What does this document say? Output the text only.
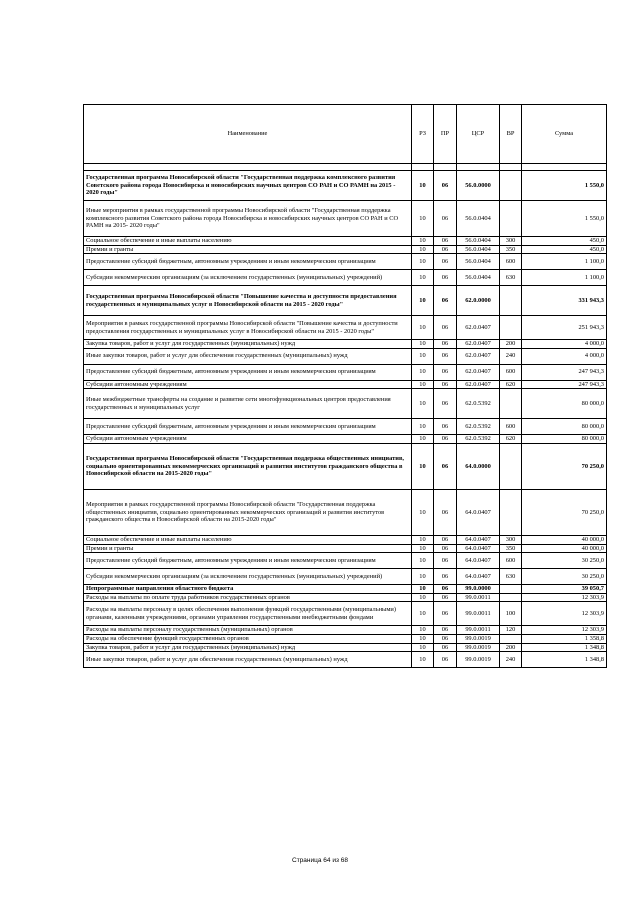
Наименование	РЗ	ПР	ЦСР	ВР	Сумма

Государственная программа Новосибирской области "Государственная поддержка комплексного развития Советского района города Новосибирска и новосибирских научных центров СО РАН и СО РАМН на 2015 - 2020 годы"	10	06	56.0.0000		1 550,0
Иные мероприятия в рамках государственной программы Новосибирской области "Государственная поддержка комплексного развития Советского района города Новосибирска и новосибирских научных центров СО РАН и СО РАМН на 2015- 2020 годы"	10	06	56.0.0404		1 550,0
Социальное обеспечение и иные выплаты населению	10	06	56.0.0404	300	450,0
Премии и гранты	10	06	56.0.0404	350	450,0
Предоставление субсидий бюджетным, автономным учреждениям и иным некоммерческим организациям	10	06	56.0.0404	600	1 100,0
Субсидии некоммерческим организациям (за исключением государственных (муниципальных) учреждений)	10	06	56.0.0404	630	1 100,0
Государственная программа Новосибирской области "Повышение качества и доступности предоставления государственных и муниципальных услуг в Новосибирской области на 2015 - 2020 годы"	10	06	62.0.0000		331 943,3
Мероприятия в рамках государственной программы Новосибирской области "Повышение качества и доступности предоставления государственных и муниципальных услуг в Новосибирской области на 2015 - 2020 годы"	10	06	62.0.0407		251 943,3
Закупка товаров, работ и услуг для государственных (муниципальных) нужд	10	06	62.0.0407	200	4 000,0
Иные закупки товаров, работ и услуг для обеспечения государственных (муниципальных) нужд	10	06	62.0.0407	240	4 000,0
Предоставление субсидий бюджетным, автономным учреждениям и иным некоммерческим организациям	10	06	62.0.0407	600	247 943,3
Субсидии автономным учреждениям	10	06	62.0.0407	620	247 943,3
Иные межбюджетные трансферты на создание и развитие сети многофункциональных центров предоставления государственных и муниципальных услуг	10	06	62.0.5392		80 000,0
Предоставление субсидий бюджетным, автономным учреждениям и иным некоммерческим организациям	10	06	62.0.5392	600	80 000,0
Субсидии автономным учреждениям	10	06	62.0.5392	620	80 000,0
Государственная программа Новосибирской области "Государственная поддержка общественных инициатив, социально ориентированных некоммерческих организаций и развития институтов гражданского общества в Новосибирской области на 2015-2020 годы"	10	06	64.0.0000		70 250,0
Мероприятия в рамках государственной программы Новосибирской области "Государственная поддержка общественных инициатив, социально ориентированных некоммерческих организаций и развития институтов гражданского общества в Новосибирской области на 2015-2020 годы"	10	06	64.0.0407		70 250,0
Социальное обеспечение и иные выплаты населению	10	06	64.0.0407	300	40 000,0
Премии и гранты	10	06	64.0.0407	350	40 000,0
Предоставление субсидий бюджетным, автономным учреждениям и иным некоммерческим организациям	10	06	64.0.0407	600	30 250,0
Субсидии некоммерческим организациям (за исключением государственных (муниципальных) учреждений)	10	06	64.0.0407	630	30 250,0
Непрограммные направления областного бюджета	10	06	99.0.0000		39 050,7
Расходы на выплаты по оплате труда работников государственных органов	10	06	99.0.0011		12 303,9
Расходы на выплаты персоналу в целях обеспечения выполнения функций государственными (муниципальными) органами, казенными учреждениями, органами управления государственными внебюджетными фондами	10	06	99.0.0011	100	12 303,9
Расходы на выплаты персоналу государственных (муниципальных) органов	10	06	99.0.0011	120	12 303,9
Расходы на обеспечение функций государственных органов	10	06	99.0.0019		1 358,8
Закупка товаров, работ и услуг для государственных (муниципальных) нужд	10	06	99.0.0019	200	1 348,8
Иные закупки товаров, работ и услуг для обеспечения государственных (муниципальных) нужд	10	06	99.0.0019	240	1 348,8
Страница 64 из 68
